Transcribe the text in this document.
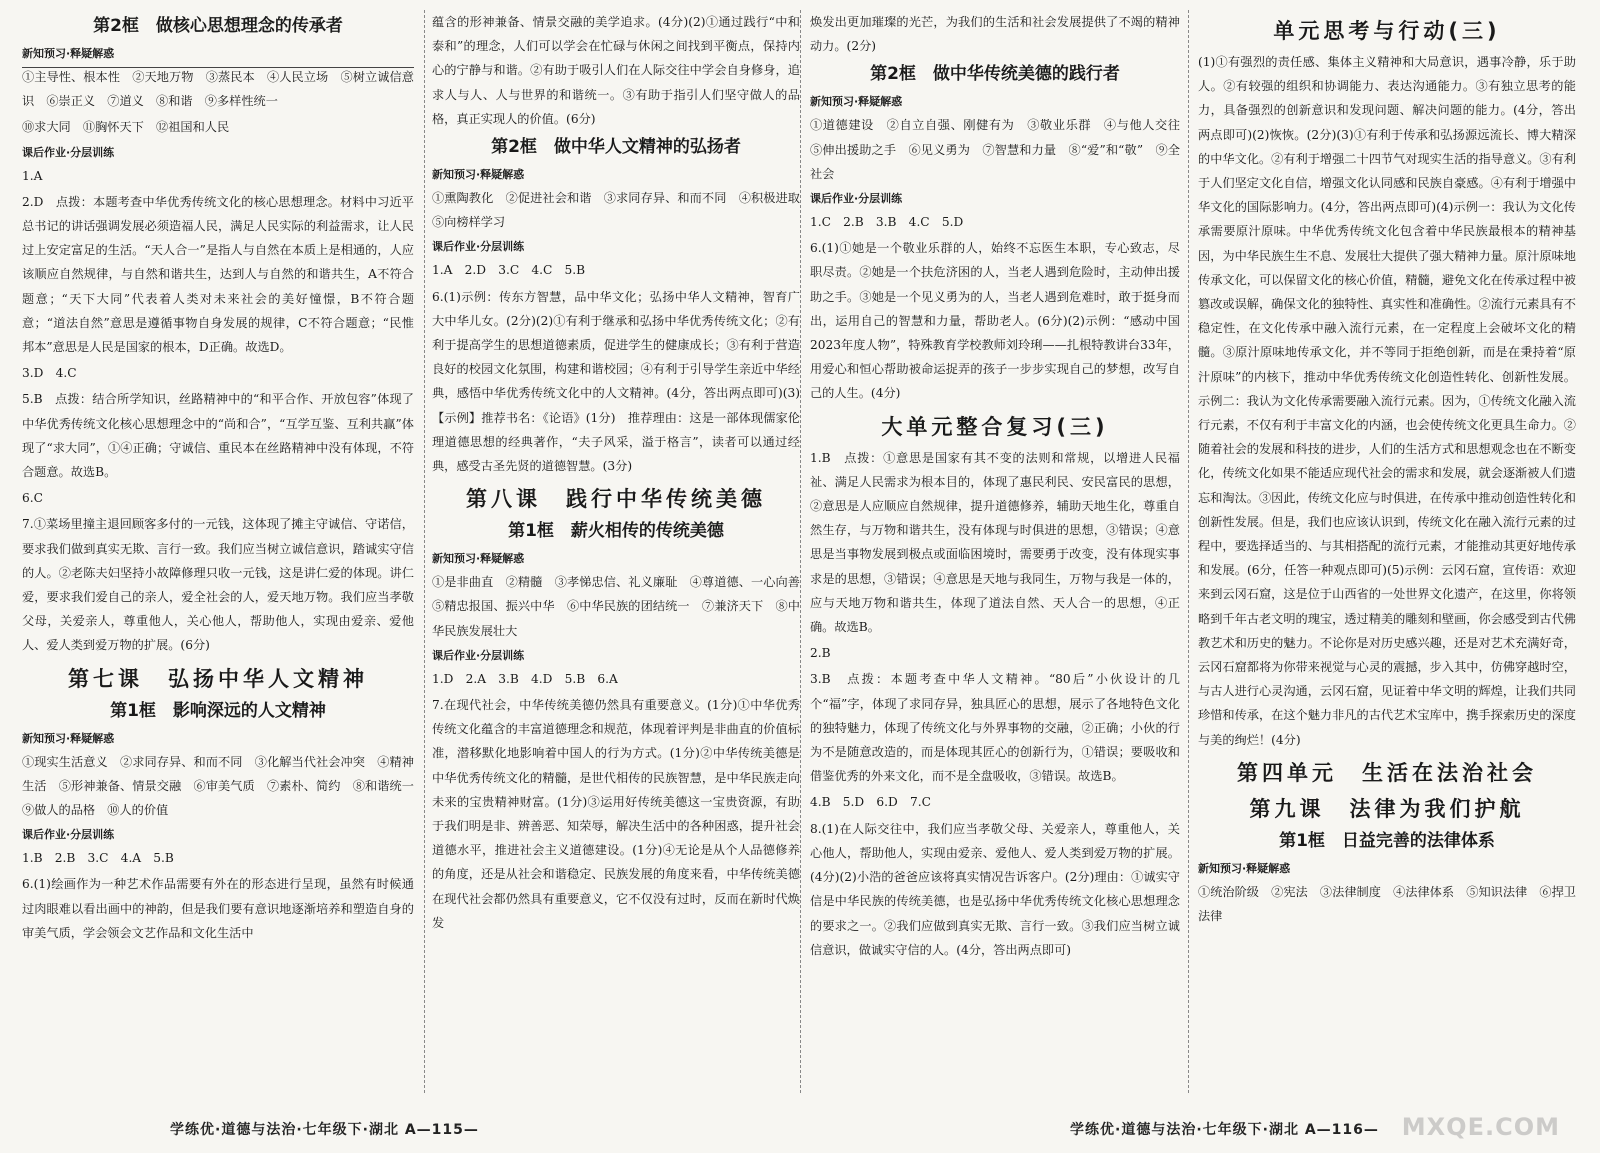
第2框　做核心思想理念的传承者
新知预习·释疑解惑

①主导性、根本性　②天地万物　③蒸民本　④人民立场　⑤树立诚信意识　⑥崇正义　⑦道义　⑧和谐　⑨多样性统一

⑩求大同　⑪胸怀天下　⑫祖国和人民

课后作业·分层训练

1.A

2.D　点拨：本题考查中华优秀传统文化的核心思想理念。材料中习近平总书记的讲话强调发展必须造福人民，满足人民实际的利益需求，让人民过上安定富足的生活。“天人合一”是指人与自然在本质上是相通的，人应该顺应自然规律，与自然和谐共生，达到人与自然的和谐共生，A不符合题意；“天下大同”代表着人类对未来社会的美好憧憬，B不符合题意；“道法自然”意思是遵循事物自身发展的规律，C不符合题意；“民惟邦本”意思是人民是国家的根本，D正确。故选D。

3.D　4.C

5.B　点拨：结合所学知识，丝路精神中的“和平合作、开放包容”体现了中华优秀传统文化核心思想理念中的“尚和合”，“互学互鉴、互利共赢”体现了“求大同”，①④正确；守诚信、重民本在丝路精神中没有体现，不符合题意。故选B。

6.C

7.①菜场里撞主退回顾客多付的一元钱，这体现了摊主守诚信、守诺信，要求我们做到真实无欺、言行一致。我们应当树立诚信意识，踏诚实守信的人。②老陈夫妇坚持小故障修理只收一元钱，这是讲仁爱的体现。讲仁爱，要求我们爱自己的亲人，爱全社会的人，爱天地万物。我们应当孝敬父母，关爱亲人，尊重他人，关心他人，帮助他人，实现由爱亲、爱他人、爱人类到爱万物的扩展。(6分)

第七课　弘扬中华人文精神
第1框　影响深远的人文精神
新知预习·释疑解惑

①现实生活意义　②求同存异、和而不同　③化解当代社会冲突　④精神生活　⑤形神兼备、情景交融　⑥审美气质　⑦素朴、简约　⑧和谐统一　⑨做人的品格　⑩人的价值

课后作业·分层训练

1.B　2.B　3.C　4.A　5.B

6.(1)绘画作为一种艺术作品需要有外在的形态进行呈现，虽然有时候通过肉眼难以看出画中的神韵，但是我们要有意识地逐渐培养和塑造自身的审美气质，学会领会文艺作品和文化生活中

蕴含的形神兼备、情景交融的美学追求。(4分)(2)①通过践行“中和泰和”的理念，人们可以学会在忙碌与休闲之间找到平衡点，保持内心的宁静与和谐。②有助于吸引人们在人际交往中学会自身修身，追求人与人、人与世界的和谐统一。③有助于指引人们坚守做人的品格，真正实现人的价值。(6分)

第2框　做中华人文精神的弘扬者
新知预习·释疑解惑

①熏陶教化　②促进社会和谐　③求同存异、和而不同　④积极进取　⑤向榜样学习

课后作业·分层训练

1.A　2.D　3.C　4.C　5.B

6.(1)示例：传东方智慧，品中华文化；弘扬中华人文精神，智育广大中华儿女。(2分)(2)①有利于继承和弘扬中华优秀传统文化；②有利于提高学生的思想道德素质，促进学生的健康成长；③有利于营造良好的校园文化氛围，构建和谐校园；④有利于引导学生亲近中华经典，感悟中华优秀传统文化中的人文精神。(4分，答出两点即可)(3)【示例】推荐书名：《论语》(1分)　推荐理由：这是一部体现儒家伦理道德思想的经典著作，“夫子风采，溢于格言”，读者可以通过经典，感受古圣先贤的道德智慧。(3分)

第八课　践行中华传统美德
第1框　薪火相传的传统美德
新知预习·释疑解惑

①是非曲直　②精髓　③孝悌忠信、礼义廉耻　④尊道德、一心向善　⑤精忠报国、振兴中华　⑥中华民族的团结统一　⑦兼济天下　⑧中华民族发展壮大

课后作业·分层训练

1.D　2.A　3.B　4.D　5.B　6.A

7.在现代社会，中华传统美德仍然具有重要意义。(1分)①中华优秀传统文化蕴含的丰富道德理念和规范，体现着评判是非曲直的价值标准，潜移默化地影响着中国人的行为方式。(1分)②中华传统美德是中华优秀传统文化的精髓，是世代相传的民族智慧，是中华民族走向未来的宝贵精神财富。(1分)③运用好传统美德这一宝贵资源，有助于我们明是非、辨善恶、知荣辱，解决生活中的各种困惑，提升社会道德水平，推进社会主义道德建设。(1分)④无论是从个人品德修养的角度，还是从社会和谐稳定、民族发展的角度来看，中华传统美德在现代社会都仍然具有重要意义，它不仅没有过时，反而在新时代焕发

学练优·道德与法治·七年级下·湖北 A—115—

焕发出更加璀璨的光芒，为我们的生活和社会发展提供了不竭的精神动力。(2分)

第2框　做中华传统美德的践行者
新知预习·释疑解惑

①道德建设　②自立自强、刚健有为　③敬业乐群　④与他人交往　⑤伸出援助之手　⑥见义勇为　⑦智慧和力量　⑧“爱”和“敬”　⑨全社会

课后作业·分层训练

1.C　2.B　3.B　4.C　5.D

6.(1)①她是一个敬业乐群的人，始终不忘医生本职，专心致志，尽职尽责。②她是一个扶危济困的人，当老人遇到危险时，主动伸出援助之手。③她是一个见义勇为的人，当老人遇到危难时，敢于挺身而出，运用自己的智慧和力量，帮助老人。(6分)(2)示例：“感动中国2023年度人物”，特殊教育学校教师刘玲琍——扎根特教讲台33年，用爱心和恒心帮助被命运捉弄的孩子一步步实现自己的梦想，改写自己的人生。(4分)

大单元整合复习(三)

1.B　点拨：①意思是国家有其不变的法则和常规，以增进人民福祉、满足人民需求为根本目的，体现了惠民利民、安民富民的思想，②意思是人应顺应自然规律，提升道德修养，辅助天地生化，尊重自然生存，与万物和谐共生，没有体现与时俱进的思想，③错误；④意思是当事物发展到极点或面临困境时，需要勇于改变，没有体现实事求是的思想，③错误；④意思是天地与我同生，万物与我是一体的，应与天地万物和谐共生，体现了道法自然、天人合一的思想，④正确。故选B。

2.B

3.B　点拨：本题考查中华人文精神。“80后”小伙设计的几个“福”字，体现了求同存异，独具匠心的思想，展示了各地特色文化的独特魅力，体现了传统文化与外界事物的交融，②正确；小伙的行为不是随意改造的，而是体现其匠心的创新行为，①错误；要吸收和借鉴优秀的外来文化，而不是全盘吸收，③错误。故选B。

4.B　5.D　6.D　7.C

8.(1)在人际交往中，我们应当孝敬父母、关爱亲人，尊重他人，关心他人，帮助他人，实现由爱亲、爱他人、爱人类到爱万物的扩展。(4分)(2)小浩的爸爸应该将真实情况告诉客户。(2分)理由：①诚实守信是中华民族的传统美德，也是弘扬中华优秀传统文化核心思想理念的要求之一。②我们应做到真实无欺、言行一致。③我们应当树立诚信意识，做诚实守信的人。(4分，答出两点即可)

单元思考与行动(三)

(1)①有强烈的责任感、集体主义精神和大局意识，遇事冷静，乐于助人。②有较强的组织和协调能力、表达沟通能力。③有独立思考的能力，具备强烈的创新意识和发现问题、解决问题的能力。(4分，答出两点即可)(2)恢恢。(2分)(3)①有利于传承和弘扬源远流长、博大精深的中华文化。②有利于增强二十四节气对现实生活的指导意义。③有利于人们坚定文化自信，增强文化认同感和民族自豪感。④有利于增强中华文化的国际影响力。(4分，答出两点即可)(4)示例一：我认为文化传承需要原汁原味。中华优秀传统文化包含着中华民族最根本的精神基因，为中华民族生生不息、发展壮大提供了强大精神力量。原汁原味地传承文化，可以保留文化的核心价值，精髓，避免文化在传承过程中被篡改或误解，确保文化的独特性、真实性和准确性。②流行元素具有不稳定性，在文化传承中融入流行元素，在一定程度上会破坏文化的精髓。③原汁原味地传承文化，并不等同于拒绝创新，而是在秉持着“原汁原味”的内核下，推动中华优秀传统文化创造性转化、创新性发展。示例二：我认为文化传承需要融入流行元素。因为，①传统文化融入流行元素，不仅有利于丰富文化的内涵，也会使传统文化更具生命力。②随着社会的发展和科技的进步，人们的生活方式和思想观念也在不断变化，传统文化如果不能适应现代社会的需求和发展，就会逐渐被人们遗忘和淘汰。③因此，传统文化应与时俱进，在传承中推动创造性转化和创新性发展。但是，我们也应该认识到，传统文化在融入流行元素的过程中，要选择适当的、与其相搭配的流行元素，才能推动其更好地传承和发展。(6分，任答一种观点即可)(5)示例：云冈石窟，宣传语：欢迎来到云冈石窟，这是位于山西省的一处世界文化遗产，在这里，你将领略到千年古老文明的瑰宝，透过精美的雕刻和壁画，你会感受到古代佛教艺术和历史的魅力。不论你是对历史感兴趣，还是对艺术充满好奇，云冈石窟都将为你带来视觉与心灵的震撼，步入其中，仿佛穿越时空，与古人进行心灵沟通，云冈石窟，见证着中华文明的辉煌，让我们共同珍惜和传承，在这个魅力非凡的古代艺术宝库中，携手探索历史的深度与美的绚烂！(4分)

第四单元　生活在法治社会
第九课　法律为我们护航
第1框　日益完善的法律体系
新知预习·释疑解惑

①统治阶级　②宪法　③法律制度　④法律体系　⑤知识法律　⑥捍卫法律

学练优·道德与法治·七年级下·湖北 A—116— MXQE.COM
